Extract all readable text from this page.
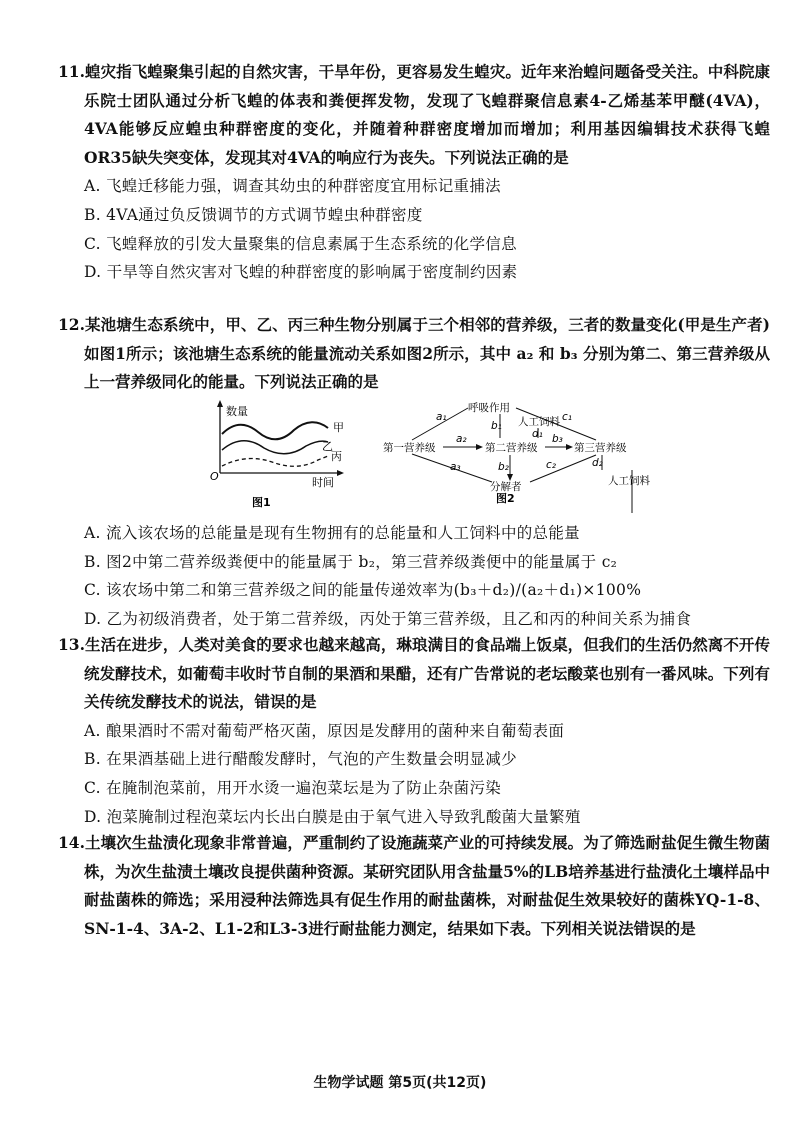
11.蝗灾指飞蝗聚集引起的自然灾害，干旱年份，更容易发生蝗灾。近年来治蝗问题备受关注。中科院康乐院士团队通过分析飞蝗的体表和粪便挥发物，发现了飞蝗群聚信息素4-乙烯基苯甲醚(4VA)，4VA能够反应蝗虫种群密度的变化，并随着种群密度增加而增加；利用基因编辑技术获得飞蝗OR35缺失突变体，发现其对4VA的响应行为丧失。下列说法正确的是

A. 飞蝗迁移能力强，调查其幼虫的种群密度宜用标记重捕法

B. 4VA通过负反馈调节的方式调节蝗虫种群密度

C. 飞蝗释放的引发大量聚集的信息素属于生态系统的化学信息

D. 干旱等自然灾害对飞蝗的种群密度的影响属于密度制约因素

12.某池塘生态系统中，甲、乙、丙三种生物分别属于三个相邻的营养级，三者的数量变化(甲是生产者)如图1所示；该池塘生态系统的能量流动关系如图2所示，其中 a₂ 和 b₃ 分别为第二、第三营养级从上一营养级同化的能量。下列说法正确的是

数量
时间
O
甲
乙
丙
图1
呼吸作用
人工饲料
第一营养级	第二营养级	第三营养级
分解者	人工饲料
a₁
a₂
a₃
b₁
b₂
b₃
c₁
c₂
d₁
d₂
图2

A. 流入该农场的总能量是现有生物拥有的总能量和人工饲料中的总能量

B. 图2中第二营养级粪便中的能量属于 b₂，第三营养级粪便中的能量属于 c₂

C. 该农场中第二和第三营养级之间的能量传递效率为(b₃＋d₂)/(a₂＋d₁)×100%

D. 乙为初级消费者，处于第二营养级，丙处于第三营养级，且乙和丙的种间关系为捕食

13.生活在进步，人类对美食的要求也越来越高，琳琅满目的食品端上饭桌，但我们的生活仍然离不开传统发酵技术，如葡萄丰收时节自制的果酒和果醋，还有广告常说的老坛酸菜也别有一番风味。下列有关传统发酵技术的说法，错误的是

A. 酿果酒时不需对葡萄严格灭菌，原因是发酵用的菌种来自葡萄表面

B. 在果酒基础上进行醋酸发酵时，气泡的产生数量会明显减少

C. 在腌制泡菜前，用开水烫一遍泡菜坛是为了防止杂菌污染

D. 泡菜腌制过程泡菜坛内长出白膜是由于氧气进入导致乳酸菌大量繁殖

14.土壤次生盐渍化现象非常普遍，严重制约了设施蔬菜产业的可持续发展。为了筛选耐盐促生微生物菌株，为次生盐渍土壤改良提供菌种资源。某研究团队用含盐量5%的LB培养基进行盐渍化土壤样品中耐盐菌株的筛选；采用浸种法筛选具有促生作用的耐盐菌株，对耐盐促生效果较好的菌株YQ-1-8、SN-1-4、3A-2、L1-2和L3-3进行耐盐能力测定，结果如下表。下列相关说法错误的是

生物学试题 第5页(共12页)
